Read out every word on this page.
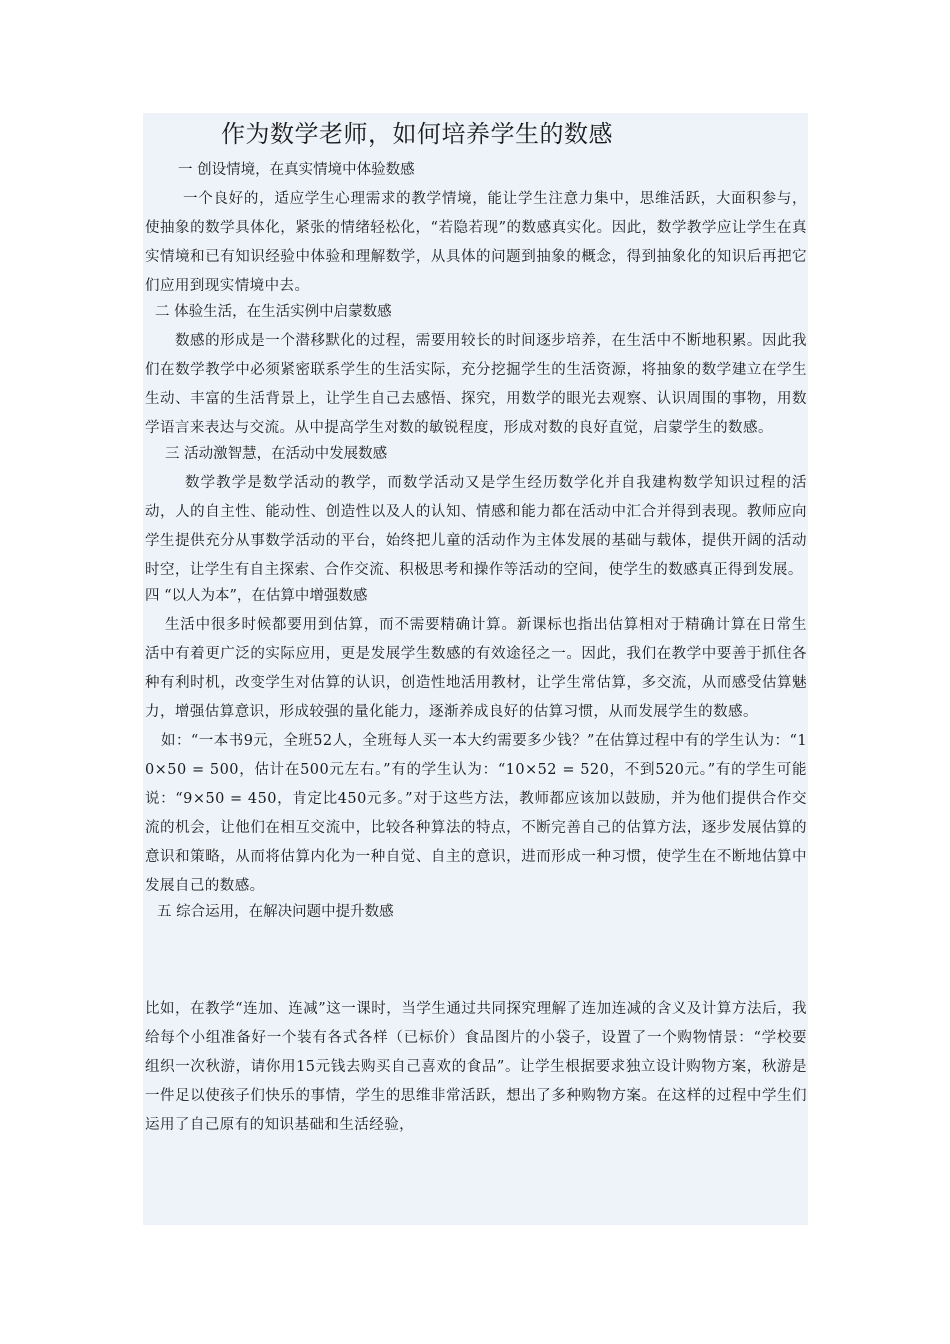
作为数学老师，如何培养学生的数感
一 创设情境，在真实情境中体验数感

一个良好的，适应学生心理需求的教学情境，能让学生注意力集中，思维活跃，大面积参与，使抽象的数学具体化，紧张的情绪轻松化，“若隐若现”的数感真实化。因此，数学教学应让学生在真实情境和已有知识经验中体验和理解数学，从具体的问题到抽象的概念，得到抽象化的知识后再把它们应用到现实情境中去。

二 体验生活，在生活实例中启蒙数感

数感的形成是一个潜移默化的过程，需要用较长的时间逐步培养，在生活中不断地积累。因此我们在数学教学中必须紧密联系学生的生活实际，充分挖掘学生的生活资源，将抽象的数学建立在学生生动、丰富的生活背景上，让学生自己去感悟、探究，用数学的眼光去观察、认识周围的事物，用数学语言来表达与交流。从中提高学生对数的敏锐程度，形成对数的良好直觉，启蒙学生的数感。

三 活动激智慧，在活动中发展数感

数学教学是数学活动的教学，而数学活动又是学生经历数学化并自我建构数学知识过程的活动，人的自主性、能动性、创造性以及人的认知、情感和能力都在活动中汇合并得到表现。教师应向学生提供充分从事数学活动的平台，始终把儿童的活动作为主体发展的基础与载体，提供开阔的活动时空，让学生有自主探索、合作交流、积极思考和操作等活动的空间，使学生的数感真正得到发展。

四 “以人为本”，在估算中增强数感

生活中很多时候都要用到估算，而不需要精确计算。新课标也指出估算相对于精确计算在日常生活中有着更广泛的实际应用，更是发展学生数感的有效途径之一。因此，我们在教学中要善于抓住各种有利时机，改变学生对估算的认识，创造性地活用教材，让学生常估算，多交流，从而感受估算魅力，增强估算意识，形成较强的量化能力，逐渐养成良好的估算习惯，从而发展学生的数感。

如：“一本书9元，全班52人，全班每人买一本大约需要多少钱？”在估算过程中有的学生认为：“10×50 = 500，估计在500元左右。”有的学生认为：“10×52 = 520，不到520元。”有的学生可能说：“9×50 = 450，肯定比450元多。”对于这些方法，教师都应该加以鼓励，并为他们提供合作交流的机会，让他们在相互交流中，比较各种算法的特点，不断完善自己的估算方法，逐步发展估算的意识和策略，从而将估算内化为一种自觉、自主的意识，进而形成一种习惯，使学生在不断地估算中发展自己的数感。

五 综合运用，在解决问题中提升数感

比如，在教学“连加、连减”这一课时，当学生通过共同探究理解了连加连减的含义及计算方法后，我给每个小组准备好一个装有各式各样（已标价）食品图片的小袋子，设置了一个购物情景：“学校要组织一次秋游，请你用15元钱去购买自己喜欢的食品”。让学生根据要求独立设计购物方案，秋游是一件足以使孩子们快乐的事情，学生的思维非常活跃，想出了多种购物方案。在这样的过程中学生们运用了自己原有的知识基础和生活经验，
